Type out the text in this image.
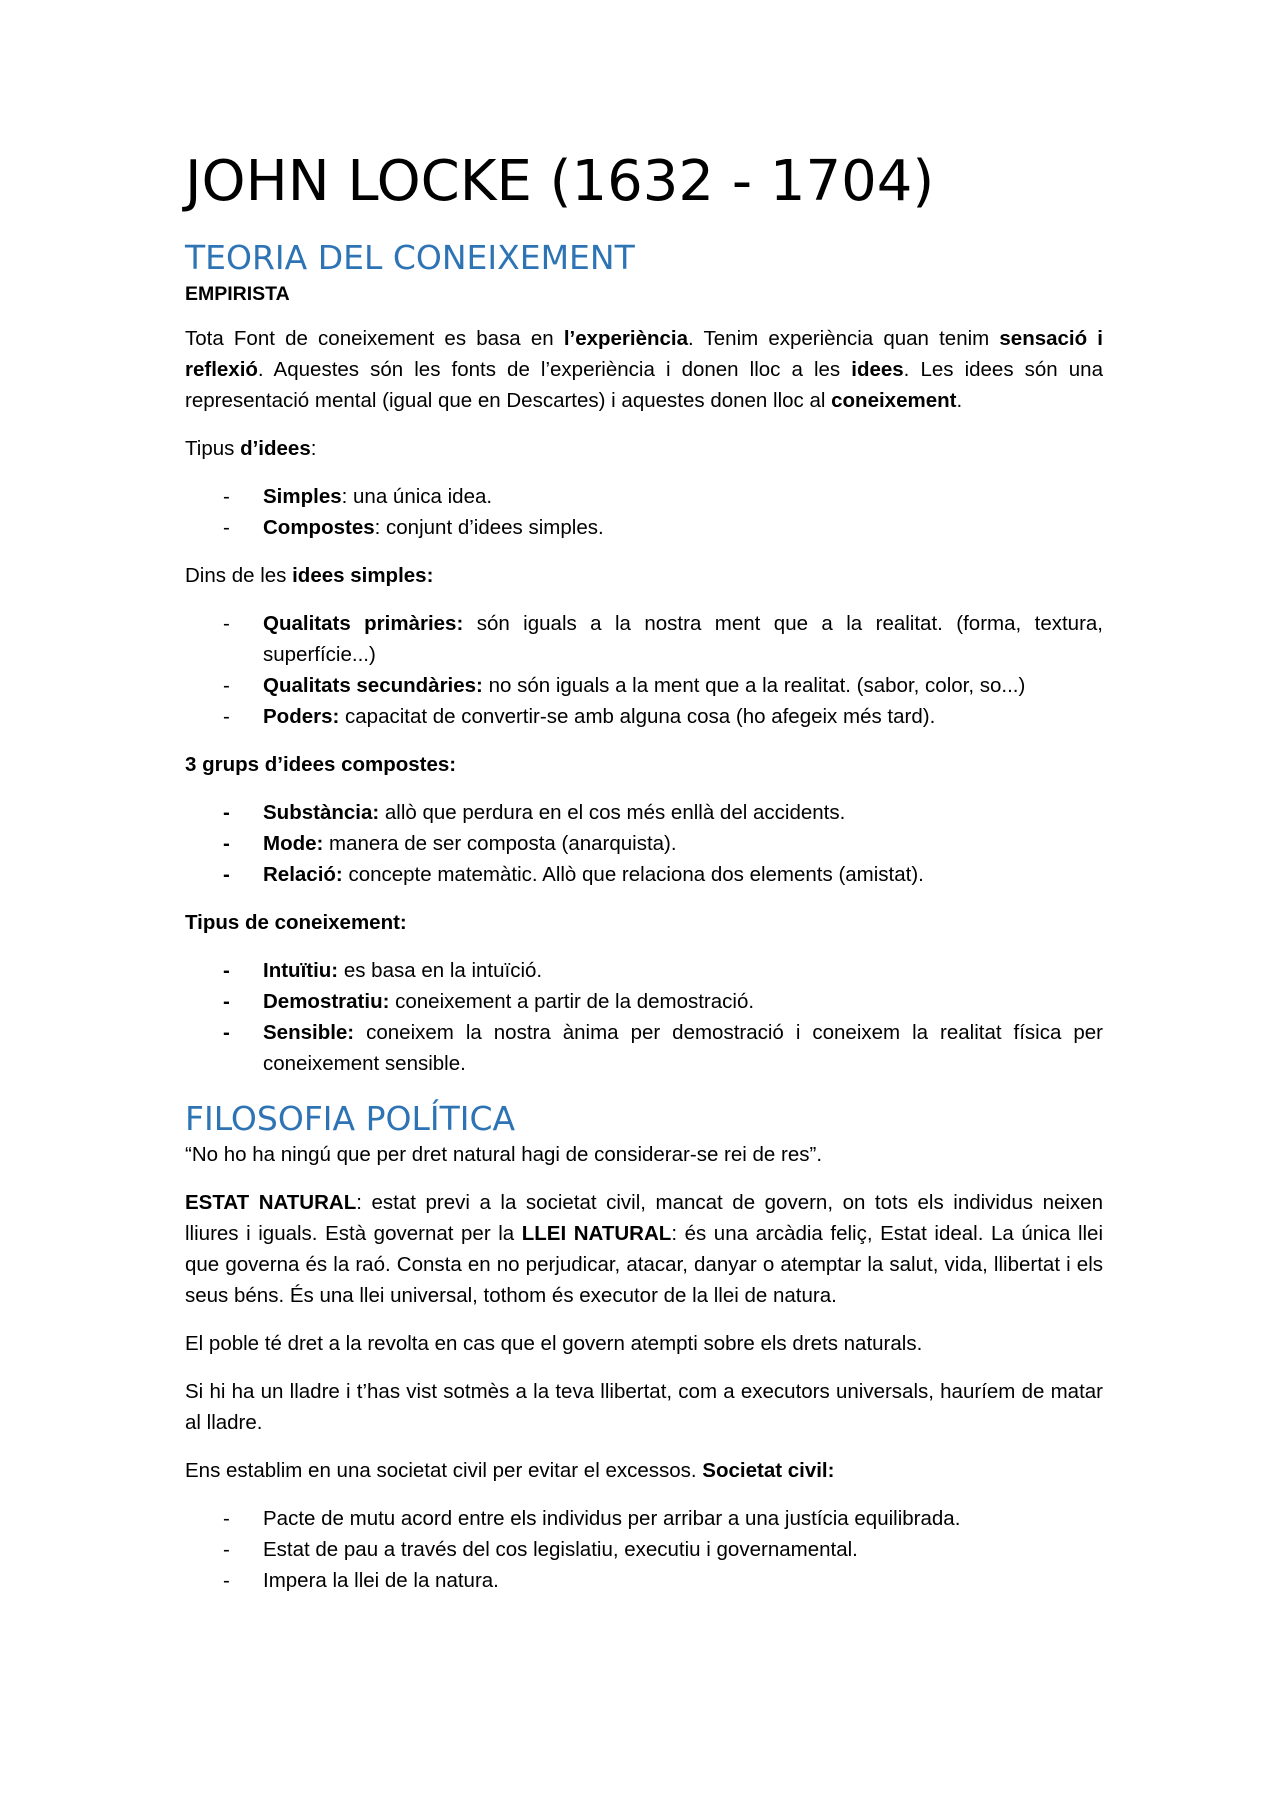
JOHN LOCKE (1632 - 1704)
TEORIA DEL CONEIXEMENT
EMPIRISTA

Tota Font de coneixement es basa en l’experiència. Tenim experiència quan tenim sensació i reflexió. Aquestes són les fonts de l’experiència i donen lloc a les idees. Les idees són una representació mental (igual que en Descartes) i aquestes donen lloc al coneixement.

Tipus d’idees:

- Simples: una única idea.
- Compostes: conjunt d’idees simples.

Dins de les idees simples:

- Qualitats primàries: són iguals a la nostra ment que a la realitat. (forma, textura, superfície...)
- Qualitats secundàries: no són iguals a la ment que a la realitat. (sabor, color, so...)
- Poders: capacitat de convertir-se amb alguna cosa (ho afegeix més tard).

3 grups d’idees compostes:

- Substància: allò que perdura en el cos més enllà del accidents.
- Mode: manera de ser composta (anarquista).
- Relació: concepte matemàtic. Allò que relaciona dos elements (amistat).

Tipus de coneixement:

- Intuïtiu: es basa en la intuïció.
- Demostratiu: coneixement a partir de la demostració.
- Sensible: coneixem la nostra ànima per demostració i coneixem la realitat física per coneixement sensible.
FILOSOFIA POLÍTICA

“No ho ha ningú que per dret natural hagi de considerar-se rei de res”.

ESTAT NATURAL: estat previ a la societat civil, mancat de govern, on tots els individus neixen lliures i iguals. Està governat per la LLEI NATURAL: és una arcàdia feliç, Estat ideal. La única llei que governa és la raó. Consta en no perjudicar, atacar, danyar o atemptar la salut, vida, llibertat i els seus béns. És una llei universal, tothom és executor de la llei de natura.

El poble té dret a la revolta en cas que el govern atempti sobre els drets naturals.

Si hi ha un lladre i t’has vist sotmès a la teva llibertat, com a executors universals, hauríem de matar al lladre.

Ens establim en una societat civil per evitar el excessos. Societat civil:

- Pacte de mutu acord entre els individus per arribar a una justícia equilibrada.
- Estat de pau a través del cos legislatiu, executiu i governamental.
- Impera la llei de la natura.
